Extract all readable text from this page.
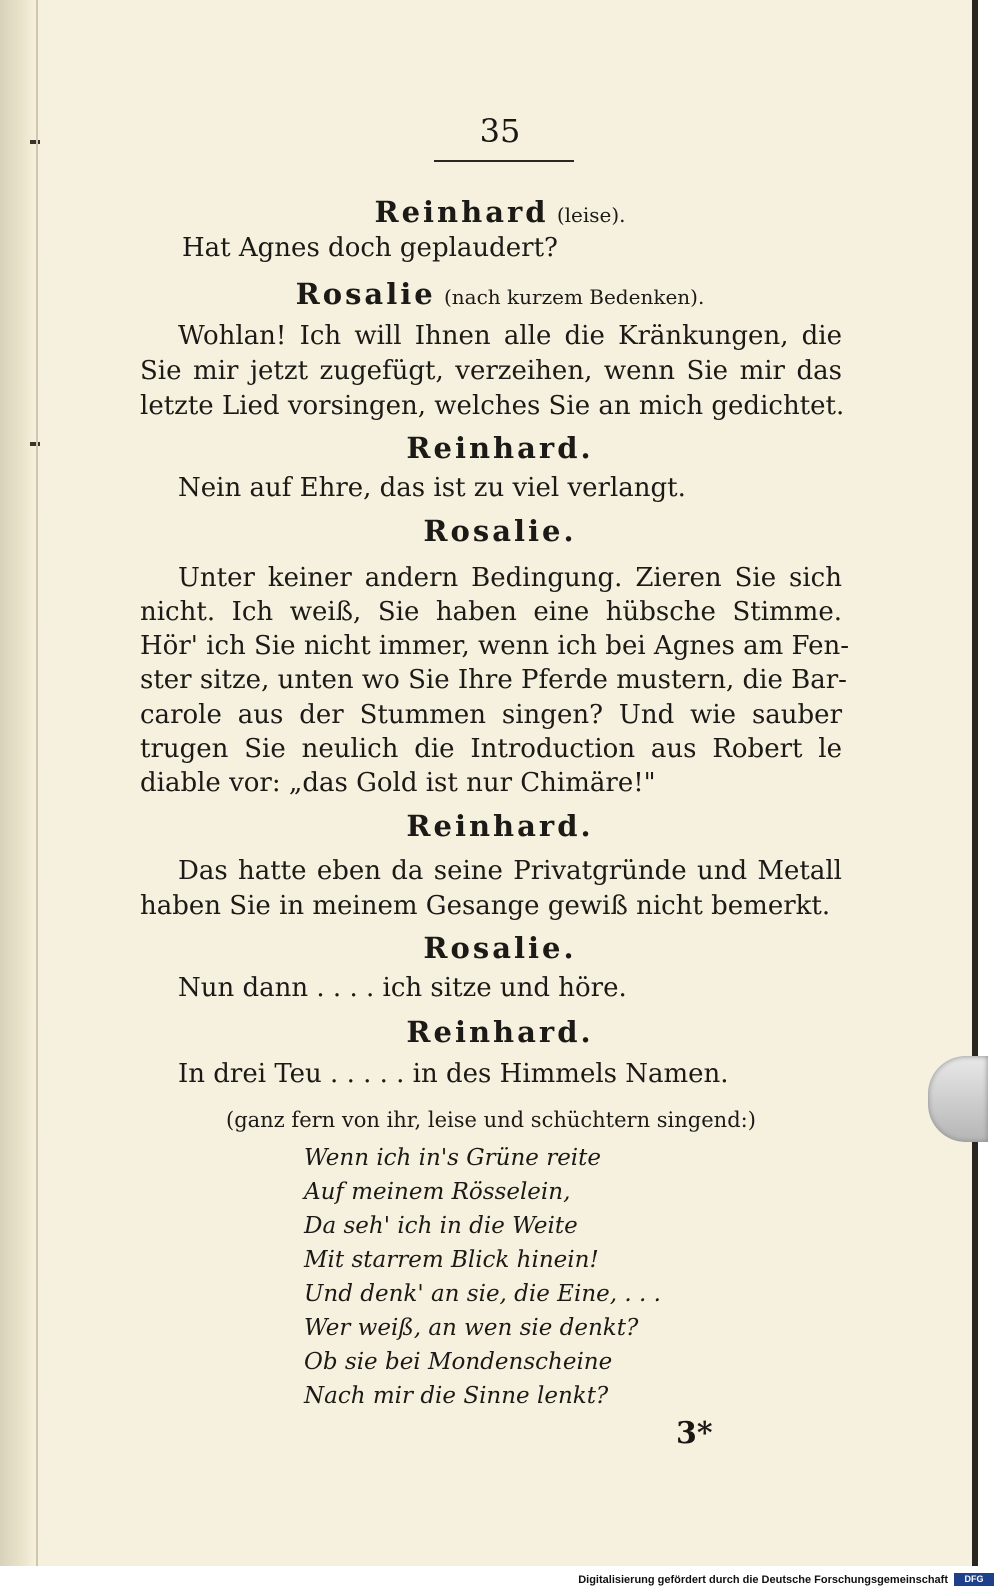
35
Reinhard (leise).
Hat Agnes doch geplaudert?
Rosalie (nach kurzem Bedenken).
Wohlan! Ich will Ihnen alle die Kränkungen, die
Sie mir jetzt zugefügt, verzeihen, wenn Sie mir das
letzte Lied vorsingen, welches Sie an mich gedichtet.
Reinhard.
Nein auf Ehre, das ist zu viel verlangt.
Rosalie.
Unter keiner andern Bedingung. Zieren Sie sich
nicht. Ich weiß, Sie haben eine hübsche Stimme.
Hör' ich Sie nicht immer, wenn ich bei Agnes am Fen-
ster sitze, unten wo Sie Ihre Pferde mustern, die Bar-
carole aus der Stummen singen? Und wie sauber
trugen Sie neulich die Introduction aus Robert le
diable vor: „das Gold ist nur Chimäre!"
Reinhard.
Das hatte eben da seine Privatgründe und Metall
haben Sie in meinem Gesange gewiß nicht bemerkt.
Rosalie.
Nun dann . . . . ich sitze und höre.
Reinhard.
In drei Teu . . . . . in des Himmels Namen.
(ganz fern von ihr, leise und schüchtern singend:)
Wenn ich in's Grüne reite
Auf meinem Rösselein,
Da seh' ich in die Weite
Mit starrem Blick hinein!
Und denk' an sie, die Eine, . . .
Wer weiß, an wen sie denkt?
Ob sie bei Mondenscheine
Nach mir die Sinne lenkt?
3*
Digitalisierung gefördert durch die Deutsche Forschungsgemeinschaft	DFG
